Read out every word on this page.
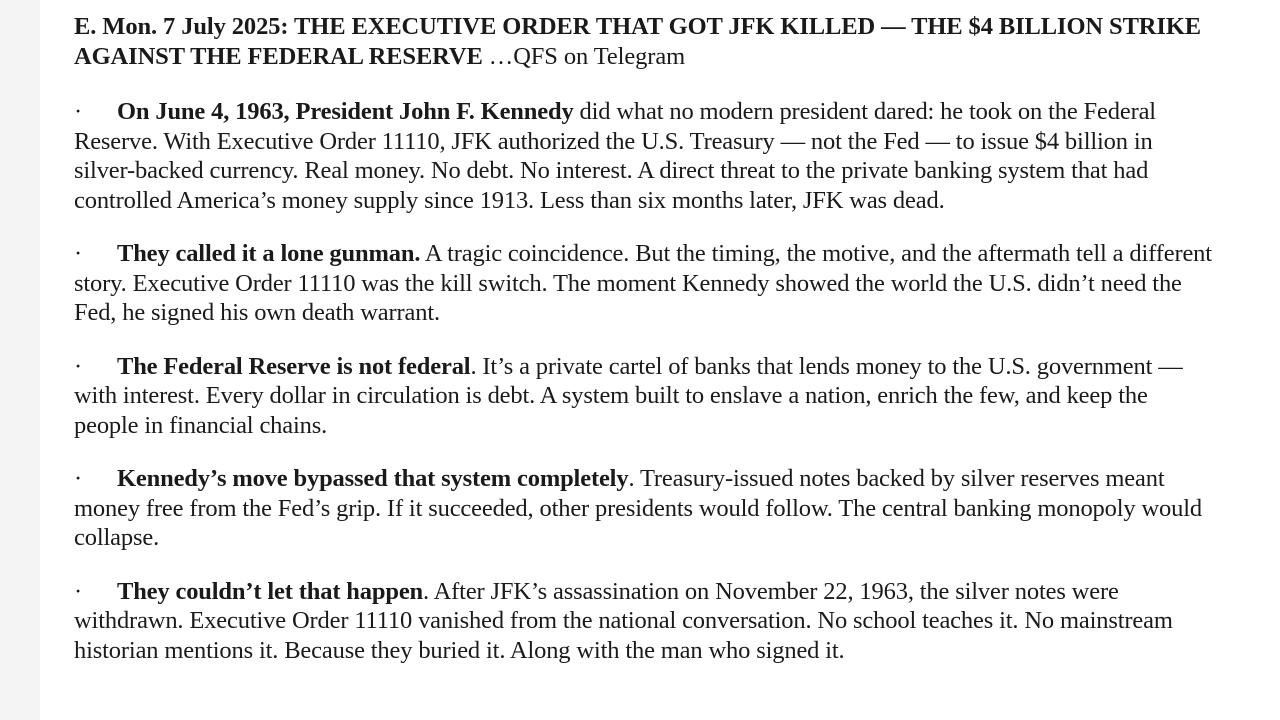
E. Mon. 7 July 2025: THE EXECUTIVE ORDER THAT GOT JFK KILLED — THE $4 BILLION STRIKE AGAINST THE FEDERAL RESERVE …QFS on Telegram
· On June 4, 1963, President John F. Kennedy did what no modern president dared: he took on the Federal Reserve. With Executive Order 11110, JFK authorized the U.S. Treasury — not the Fed — to issue $4 billion in silver-backed currency. Real money. No debt. No interest. A direct threat to the private banking system that had controlled America’s money supply since 1913. Less than six months later, JFK was dead.
· They called it a lone gunman. A tragic coincidence. But the timing, the motive, and the aftermath tell a different story. Executive Order 11110 was the kill switch. The moment Kennedy showed the world the U.S. didn’t need the Fed, he signed his own death warrant.
· The Federal Reserve is not federal. It’s a private cartel of banks that lends money to the U.S. government — with interest. Every dollar in circulation is debt. A system built to enslave a nation, enrich the few, and keep the people in financial chains.
· Kennedy’s move bypassed that system completely. Treasury-issued notes backed by silver reserves meant money free from the Fed’s grip. If it succeeded, other presidents would follow. The central banking monopoly would collapse.
· They couldn’t let that happen. After JFK’s assassination on November 22, 1963, the silver notes were withdrawn. Executive Order 11110 vanished from the national conversation. No school teaches it. No mainstream historian mentions it. Because they buried it. Along with the man who signed it.
